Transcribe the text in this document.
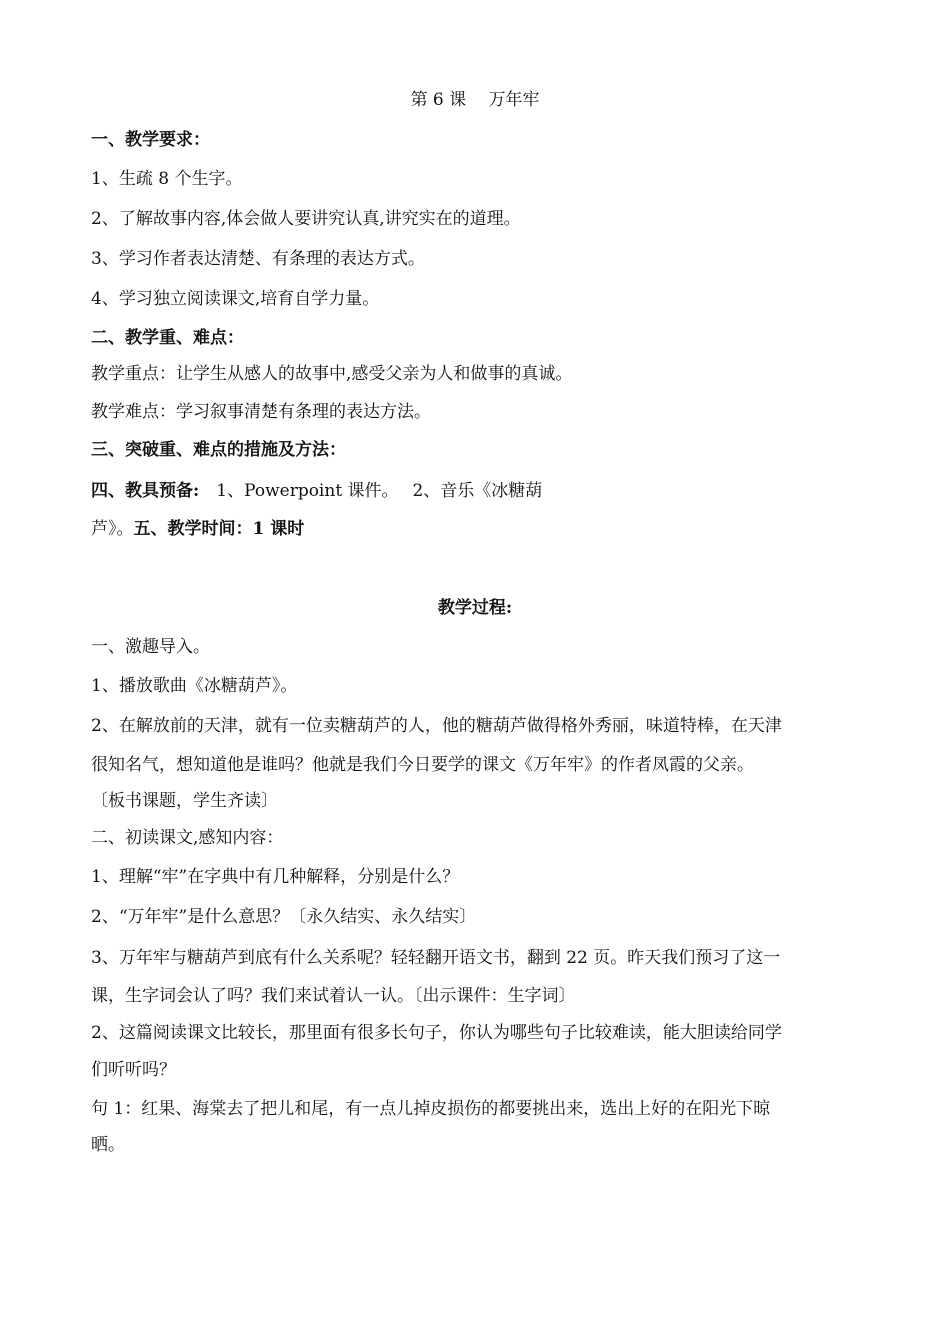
第 6 课　 万年牢
一、教学要求：
1、生疏 8 个生字。
2、了解故事内容,体会做人要讲究认真,讲究实在的道理。
3、学习作者表达清楚、有条理的表达方式。
4、学习独立阅读课文,培育自学力量。
二、教学重、难点：
教学重点：让学生从感人的故事中,感受父亲为人和做事的真诚。
教学难点：学习叙事清楚有条理的表达方法。
三、突破重、难点的措施及方法：
四、教具预备:　1、Powerpoint 课件。　 2、音乐《冰糖葫
芦》。五、教学时间：1 课时
教学过程:
一、激趣导入。
1、播放歌曲《冰糖葫芦》。
2、在解放前的天津，就有一位卖糖葫芦的人，他的糖葫芦做得格外秀丽，味道特棒，在天津
很知名气，想知道他是谁吗？他就是我们今日要学的课文《万年牢》的作者凤霞的父亲。
〔板书课题，学生齐读〕
二、初读课文,感知内容：
1、理解“牢”在字典中有几种解释，分别是什么？
2、“万年牢”是什么意思？〔永久结实、永久结实〕
3、万年牢与糖葫芦到底有什么关系呢？轻轻翻开语文书，翻到 22 页。昨天我们预习了这一
课，生字词会认了吗？我们来试着认一认。〔出示课件：生字词〕
2、这篇阅读课文比较长，那里面有很多长句子，你认为哪些句子比较难读，能大胆读给同学
们听听吗？
句 1：红果、海棠去了把儿和尾，有一点儿掉皮损伤的都要挑出来，选出上好的在阳光下晾
晒。
